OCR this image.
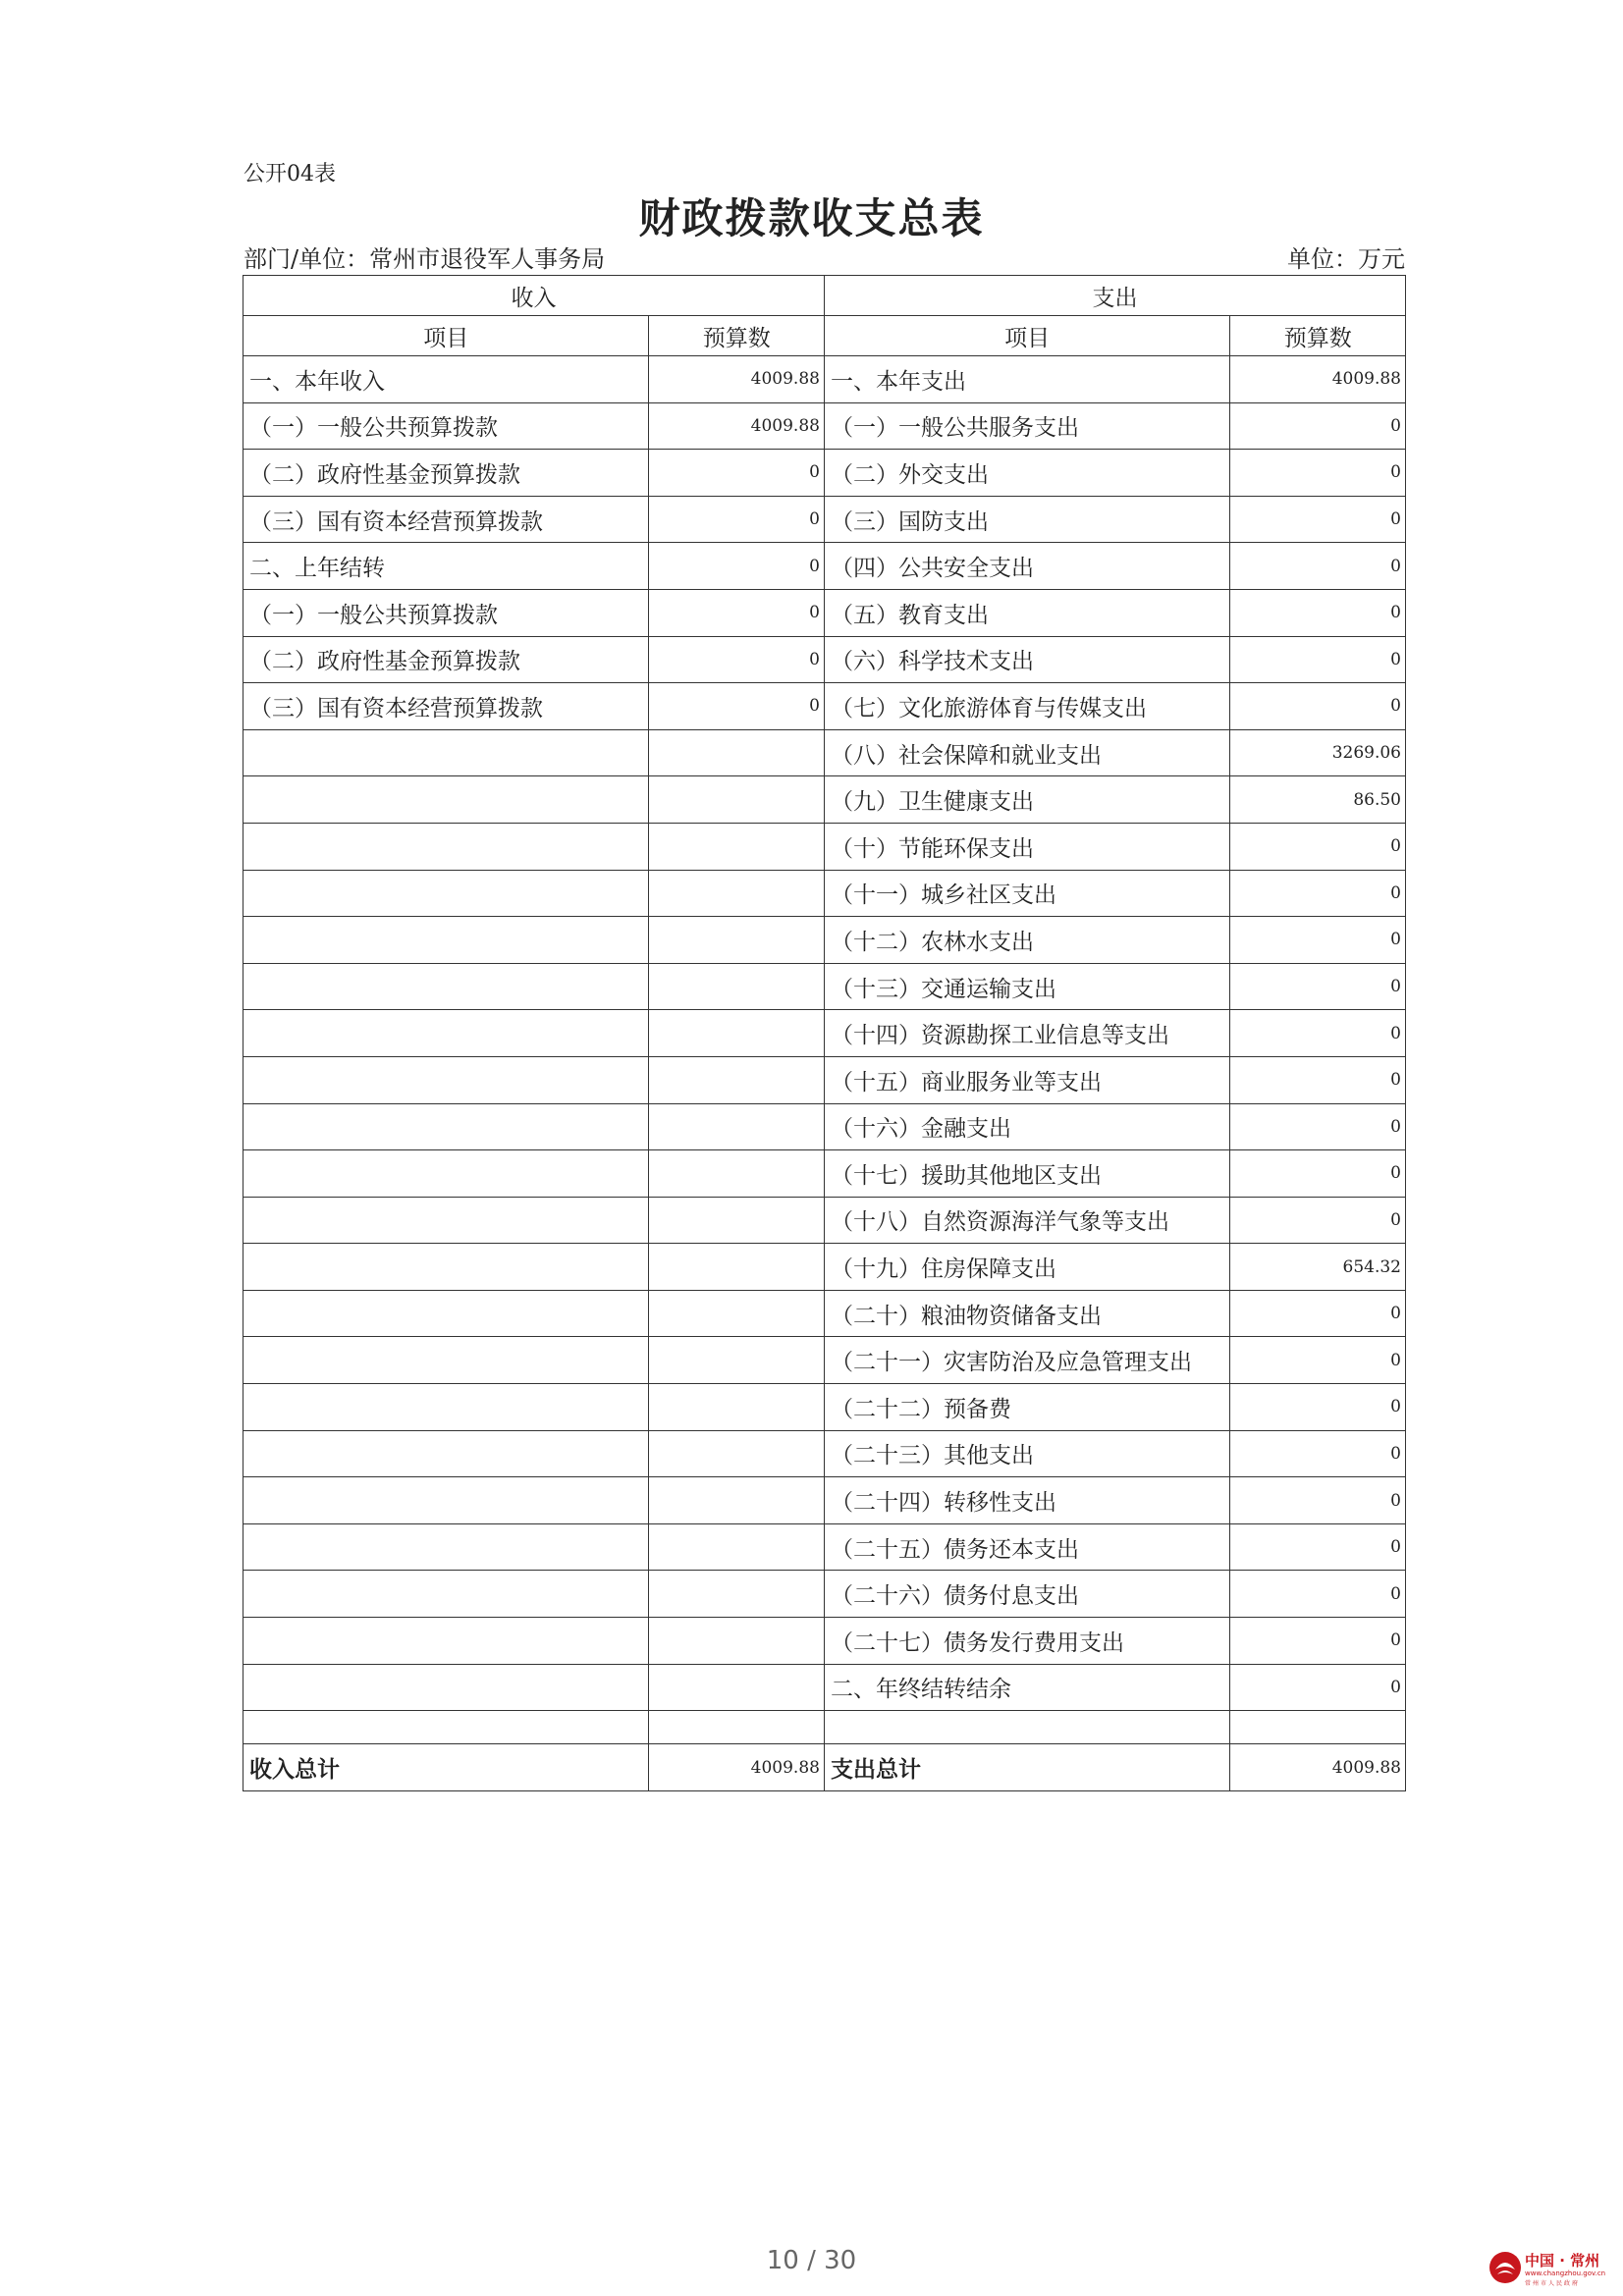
公开04表
财政拨款收支总表
部门/单位：常州市退役军人事务局	单位：万元
收入		支出	
项目	预算数	项目	预算数
一、本年收入	4009.88	一、本年支出	4009.88
（一）一般公共预算拨款	4009.88	（一）一般公共服务支出	0
（二）政府性基金预算拨款	0	（二）外交支出	0
（三）国有资本经营预算拨款	0	（三）国防支出	0
二、上年结转	0	（四）公共安全支出	0
（一）一般公共预算拨款	0	（五）教育支出	0
（二）政府性基金预算拨款	0	（六）科学技术支出	0
（三）国有资本经营预算拨款	0	（七）文化旅游体育与传媒支出	0
		（八）社会保障和就业支出	3269.06
		（九）卫生健康支出	86.50
		（十）节能环保支出	0
		（十一）城乡社区支出	0
		（十二）农林水支出	0
		（十三）交通运输支出	0
		（十四）资源勘探工业信息等支出	0
		（十五）商业服务业等支出	0
		（十六）金融支出	0
		（十七）援助其他地区支出	0
		（十八）自然资源海洋气象等支出	0
		（十九）住房保障支出	654.32
		（二十）粮油物资储备支出	0
		（二十一）灾害防治及应急管理支出	0
		（二十二）预备费	0
		（二十三）其他支出	0
		（二十四）转移性支出	0
		（二十五）债务还本支出	0
		（二十六）债务付息支出	0
		（二十七）债务发行费用支出	0
		二、年终结转结余	0

收入总计	4009.88	支出总计	4009.88
10 / 30	中国 · 常州
www.changzhou.gov.cn
常州市人民政府
